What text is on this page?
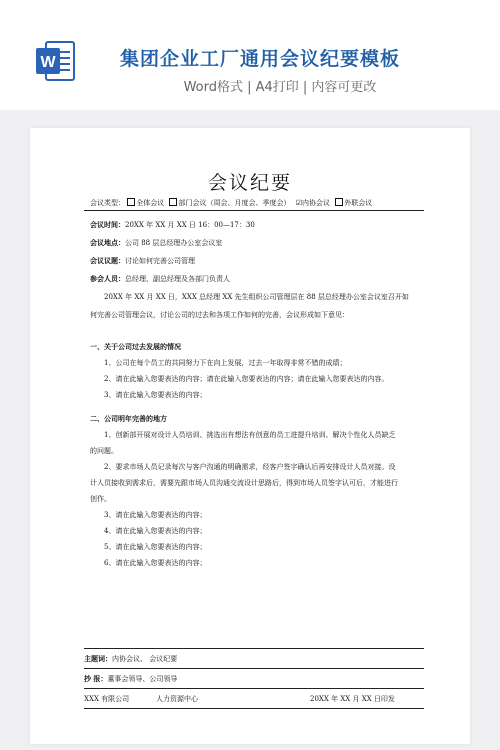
W	集团企业工厂通用会议纪要模板
Word格式 | A4打印 | 内容可更改
会议纪要
会议类型： 全体会议 部门会议（周会、月度会、季度会） ☑内协会议 外联会议
会议时间：20XX 年 XX 月 XX 日 16：00—17：30
会议地点：公司 88 层总经理办公室会议室
会议议题：讨论如何完善公司管理
参会人员：总经理、副总经理及各部门负责人
20XX 年 XX 月 XX 日，XXX 总经理 XX 先生组织公司管理层在 88 层总经理办公室会议室召开如
何完善公司管理会议，讨论公司的过去和各项工作如何的完善，会议形成如下意见：
一、关于公司过去发展的情况
1、公司在每个员工的共同努力下在向上发展，过去一年取得非常不错的成绩；
2、请在此输入您要表达的内容；请在此输入您要表达的内容；请在此输入您要表达的内容。
3、请在此输入您要表达的内容；
二、公司明年完善的地方
1、创新部开展对设计人员培训、挑选出有想法有创意的员工进提升培训、解决个性化人员缺乏
的问题。
2、要求市场人员记录每次与客户沟通的明确需求，经客户签字确认后再安排设计人员对接。设
计人员接收到需求后，需要先跟市场人员沟通交流设计思路后，得到市场人员签字认可后，才能进行
创作。
3、请在此输入您要表达的内容；
4、请在此输入您要表达的内容；
5、请在此输入您要表达的内容；
6、请在此输入您要表达的内容；
主题词：内协会议、 会议纪要
抄 报：董事会领导、公司领导
XXX 有限公司	人力资源中心	20XX 年 XX 月 XX 日印发
